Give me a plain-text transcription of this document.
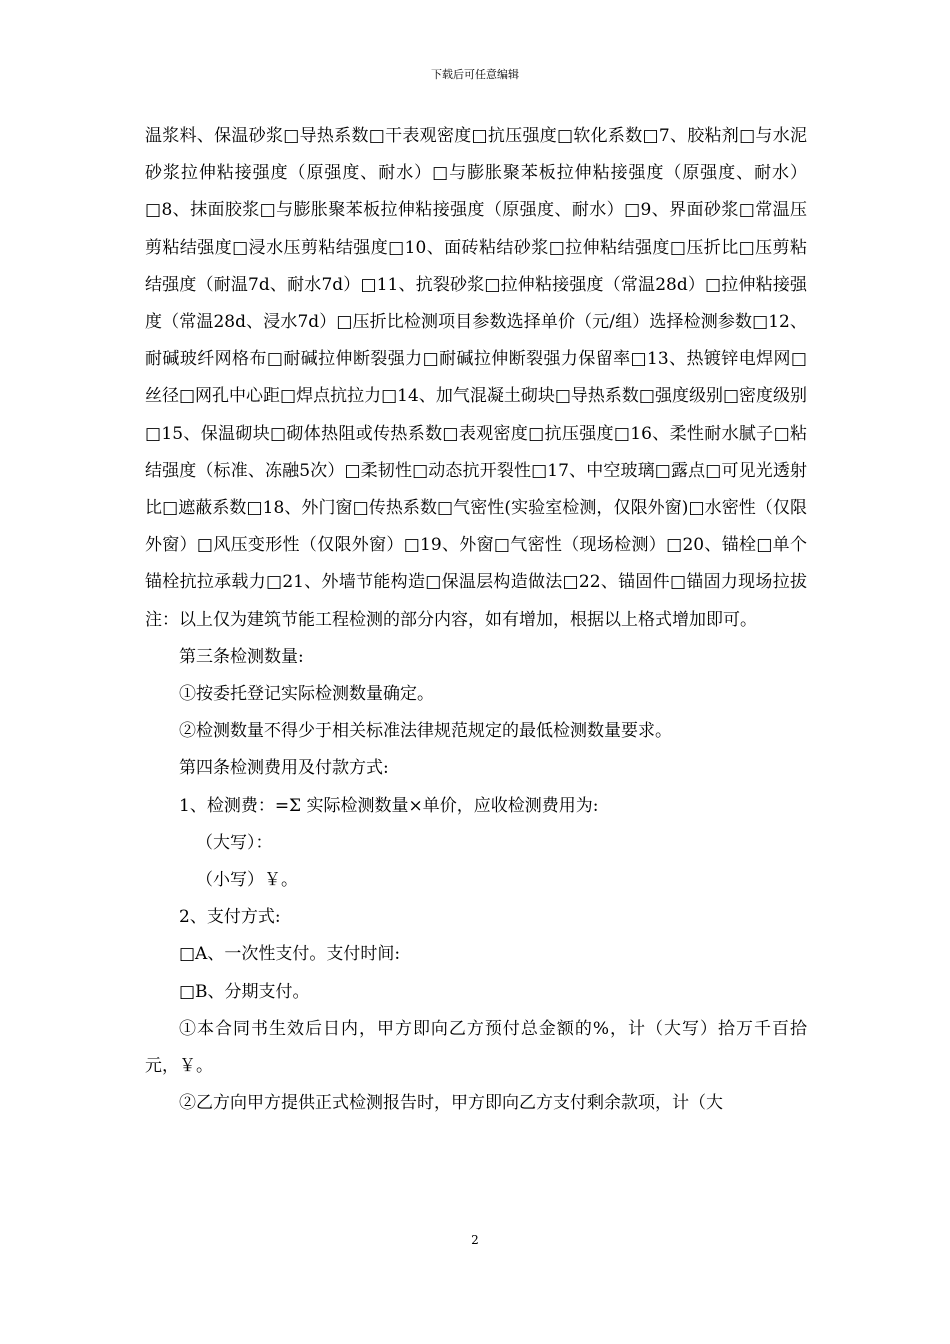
下载后可任意编辑

温浆料、保温砂浆□导热系数□干表观密度□抗压强度□软化系数□7、胶粘剂□与水泥砂浆拉伸粘接强度（原强度、耐水）□与膨胀聚苯板拉伸粘接强度（原强度、耐水）□8、抹面胶浆□与膨胀聚苯板拉伸粘接强度（原强度、耐水）□9、界面砂浆□常温压剪粘结强度□浸水压剪粘结强度□10、面砖粘结砂浆□拉伸粘结强度□压折比□压剪粘结强度（耐温7d、耐水7d）□11、抗裂砂浆□拉伸粘接强度（常温28d）□拉伸粘接强度（常温28d、浸水7d）□压折比检测项目参数选择单价（元/组）选择检测参数□12、耐碱玻纤网格布□耐碱拉伸断裂强力□耐碱拉伸断裂强力保留率□13、热镀锌电焊网□丝径□网孔中心距□焊点抗拉力□14、加气混凝土砌块□导热系数□强度级别□密度级别□15、保温砌块□砌体热阻或传热系数□表观密度□抗压强度□16、柔性耐水腻子□粘结强度（标准、冻融5次）□柔韧性□动态抗开裂性□17、中空玻璃□露点□可见光透射比□遮蔽系数□18、外门窗□传热系数□气密性(实验室检测，仅限外窗)□水密性（仅限外窗）□风压变形性（仅限外窗）□19、外窗□气密性（现场检测）□20、锚栓□单个锚栓抗拉承载力□21、外墙节能构造□保温层构造做法□22、锚固件□锚固力现场拉拔注：以上仅为建筑节能工程检测的部分内容，如有增加，根据以上格式增加即可。

第三条检测数量:

①按委托登记实际检测数量确定。

②检测数量不得少于相关标准法律规范规定的最低检测数量要求。

第四条检测费用及付款方式:

1、检测费：=Σ 实际检测数量×单价，应收检测费用为:

（大写）：

（小写）￥。

2、支付方式:

□A、一次性支付。支付时间:

□B、分期支付。

①本合同书生效后日内，甲方即向乙方预付总金额的%，计（大写）拾万千百拾元，￥。

②乙方向甲方提供正式检测报告时，甲方即向乙方支付剩余款项，计（大

2
